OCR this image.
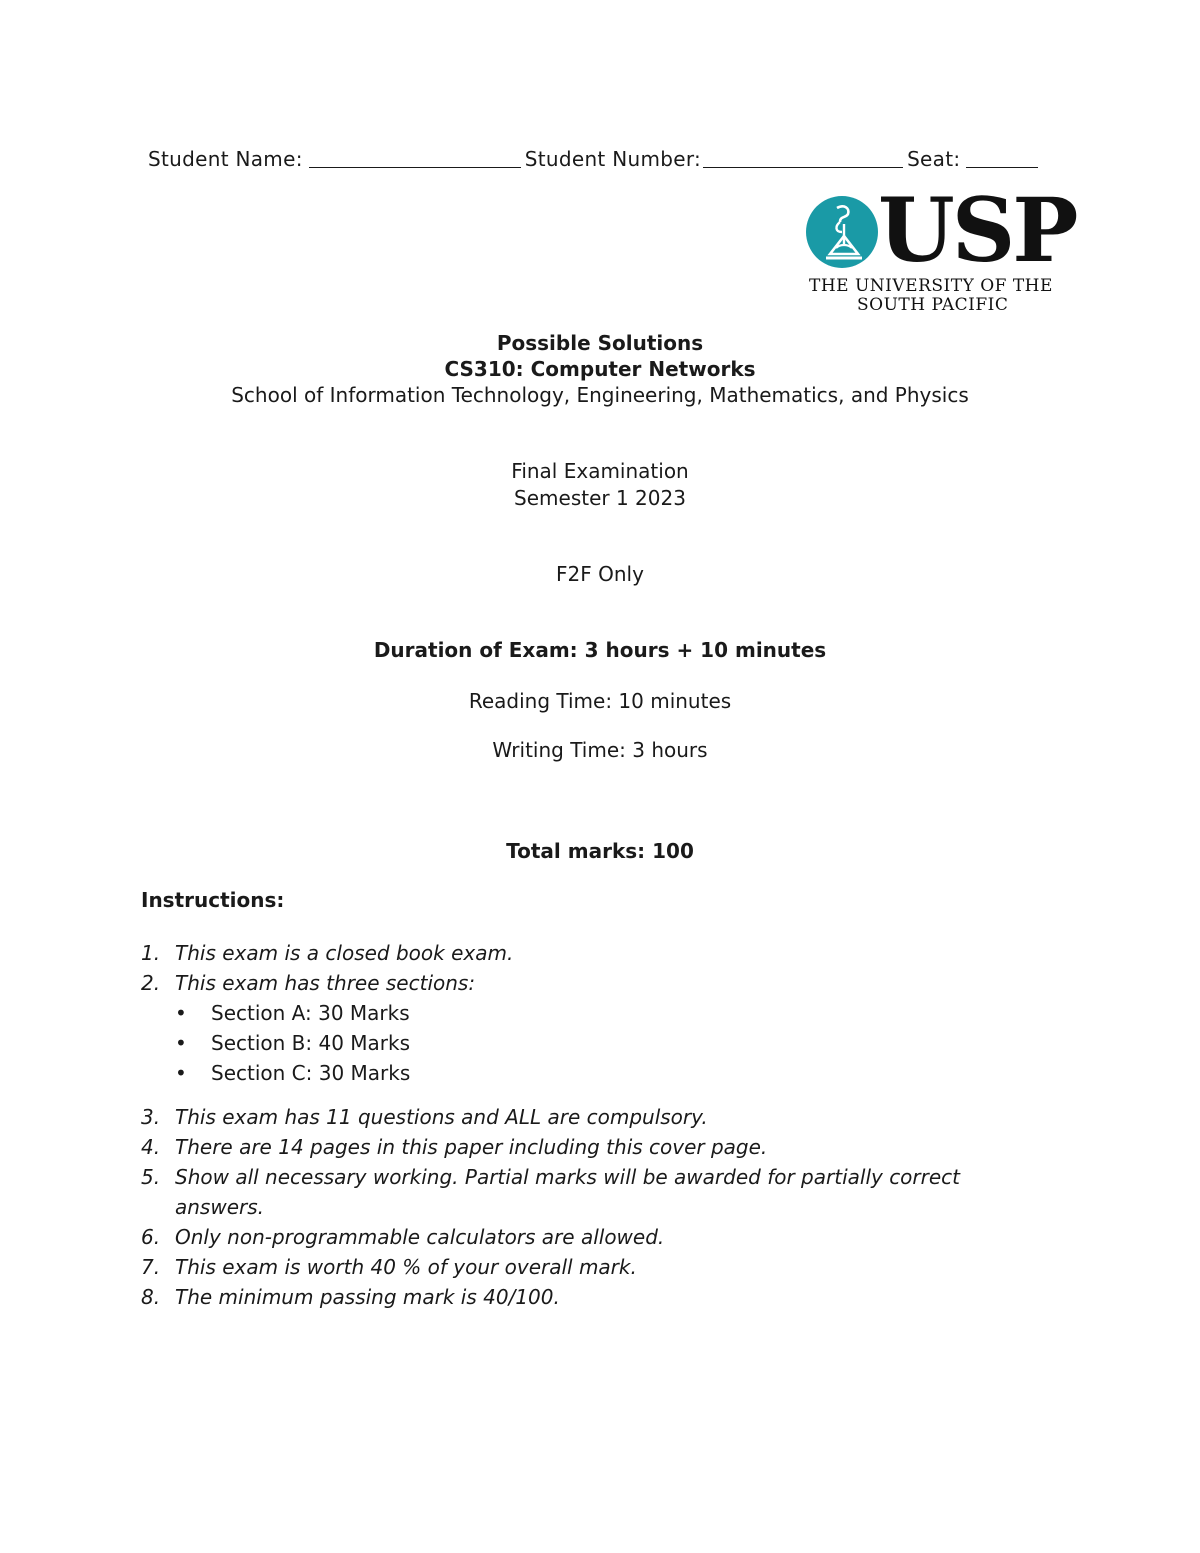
Student Name:	Student Number:	Seat:
USP
THE UNIVERSITY OF THE
SOUTH PACIFIC
Possible Solutions
CS310: Computer Networks
School of Information Technology, Engineering, Mathematics, and Physics
Final Examination
Semester 1 2023
F2F Only
Duration of Exam: 3 hours + 10 minutes
Reading Time: 10 minutes
Writing Time: 3 hours
Total marks: 100
Instructions:
1. This exam is a closed book exam.
2. This exam has three sections:
• Section A: 30 Marks
• Section B: 40 Marks
• Section C: 30 Marks
3. This exam has 11 questions and ALL are compulsory.
4. There are 14 pages in this paper including this cover page.
5. Show all necessary working. Partial marks will be awarded for partially correct answers.
6. Only non-programmable calculators are allowed.
7. This exam is worth 40 % of your overall mark.
8. The minimum passing mark is 40/100.
